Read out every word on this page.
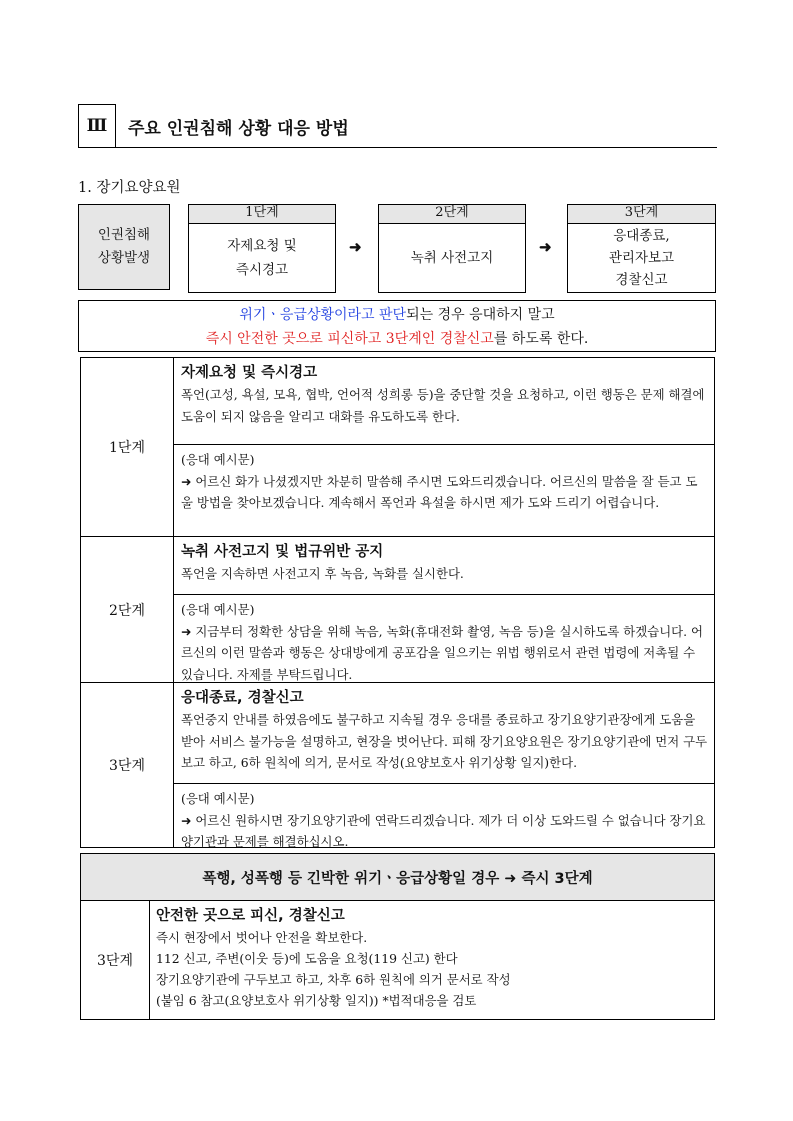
Ⅲ 주요 인권침해 상황 대응 방법
1. 장기요양요원
인권침해
상황발생
1단계
자제요청 및
즉시경고
➜
2단계
녹취 사전고지
➜
3단계
응대종료,
관리자보고
경찰신고
위기ㆍ응급상황이라고 판단되는 경우 응대하지 말고
즉시 안전한 곳으로 피신하고 3단계인 경찰신고를 하도록 한다.
1단계
자제요청 및 즉시경고
폭언(고성, 욕설, 모욕, 협박, 언어적 성희롱 등)을 중단할 것을 요청하고, 이런 행동은 문제 해결에 도움이 되지 않음을 알리고 대화를 유도하도록 한다.
(응대 예시문)
➜ 어르신 화가 나셨겠지만 차분히 말씀해 주시면 도와드리겠습니다. 어르신의 말씀을 잘 듣고 도울 방법을 찾아보겠습니다. 계속해서 폭언과 욕설을 하시면 제가 도와 드리기 어렵습니다.
2단계
녹취 사전고지 및 법규위반 공지
폭언을 지속하면 사전고지 후 녹음, 녹화를 실시한다.
(응대 예시문)
➜ 지금부터 정확한 상담을 위해 녹음, 녹화(휴대전화 촬영, 녹음 등)을 실시하도록 하겠습니다. 어르신의 이런 말씀과 행동은 상대방에게 공포감을 일으키는 위법 행위로서 관련 법령에 저촉될 수 있습니다. 자제를 부탁드립니다.
3단계
응대종료, 경찰신고
폭언중지 안내를 하였음에도 불구하고 지속될 경우 응대를 종료하고 장기요양기관장에게 도움을 받아 서비스 불가능을 설명하고, 현장을 벗어난다. 피해 장기요양요원은 장기요양기관에 먼저 구두보고 하고, 6하 원칙에 의거, 문서로 작성(요양보호사 위기상황 일지)한다.
(응대 예시문)
➜ 어르신 원하시면 장기요양기관에 연락드리겠습니다. 제가 더 이상 도와드릴 수 없습니다 장기요양기관과 문제를 해결하십시오.
폭행, 성폭행 등 긴박한 위기ㆍ응급상황일 경우 ➜ 즉시 3단계
3단계
안전한 곳으로 피신, 경찰신고
즉시 현장에서 벗어나 안전을 확보한다.
112 신고, 주변(이웃 등)에 도움을 요청(119 신고) 한다
장기요양기관에 구두보고 하고, 차후 6하 원칙에 의거 문서로 작성
(붙임 6 참고(요양보호사 위기상황 일지)) *법적대응을 검토
